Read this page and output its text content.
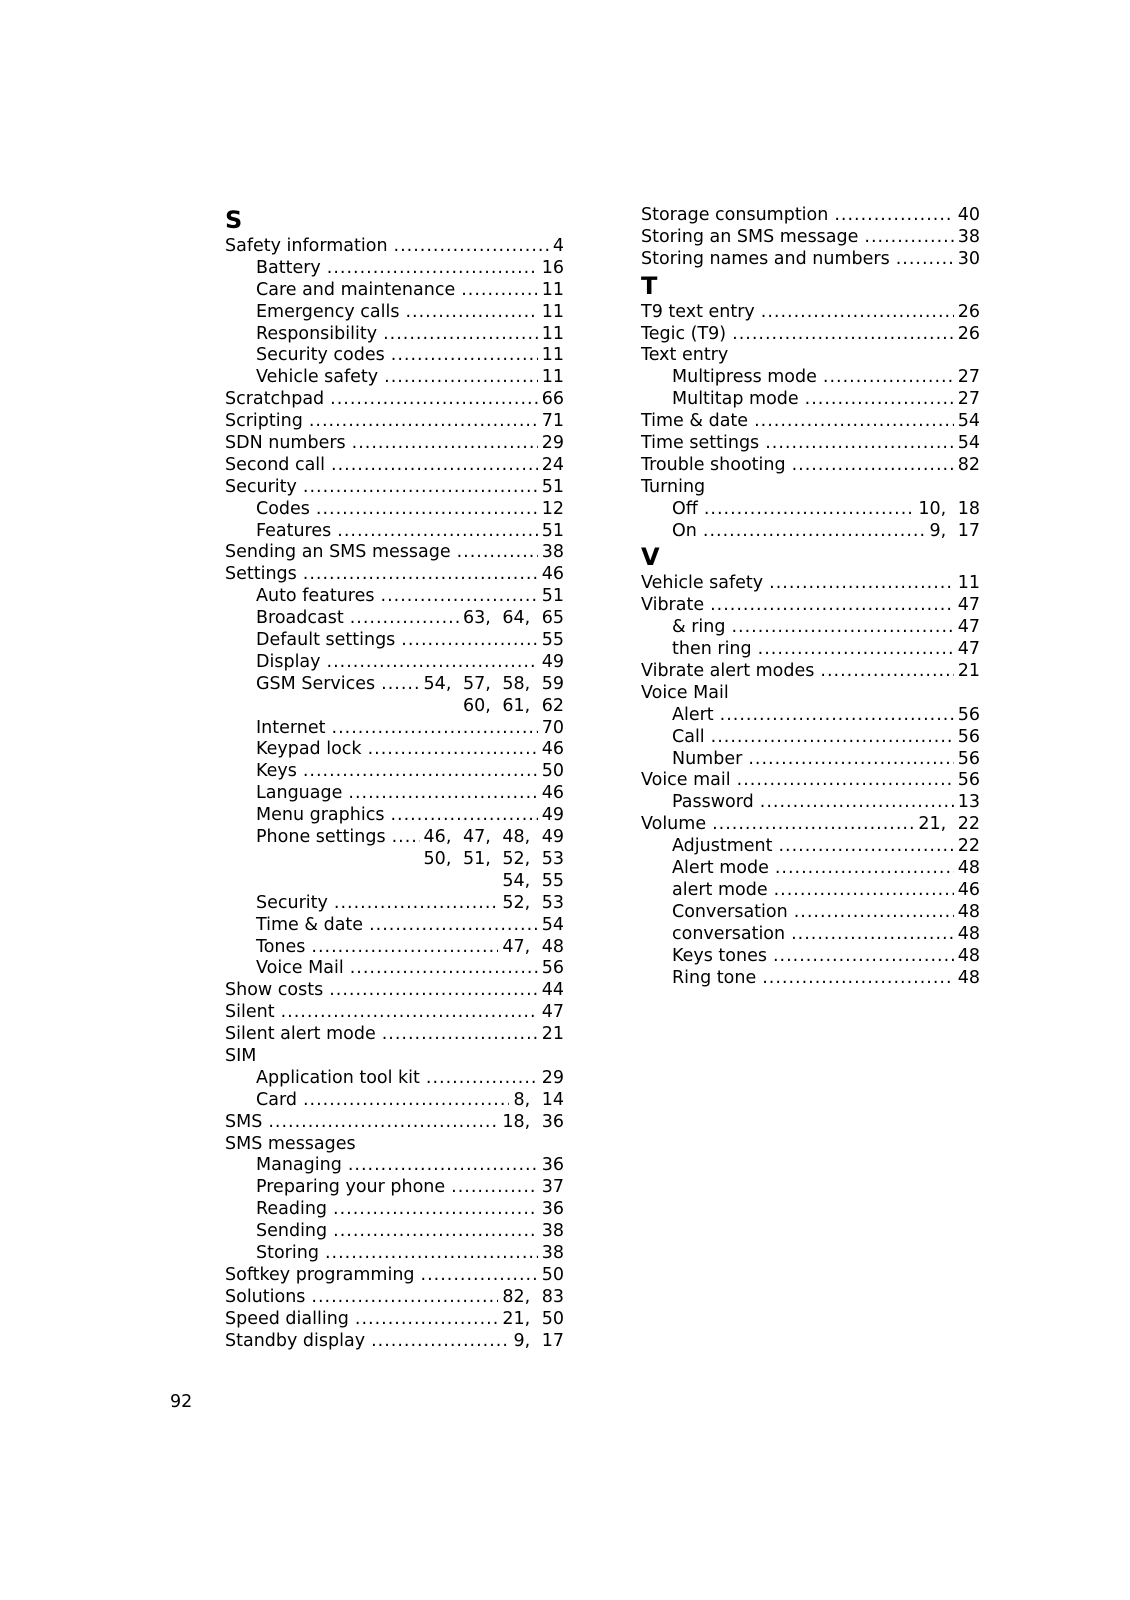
S
Safety information .....	4
Battery .....	16
Care and maintenance .....	11
Emergency calls .....	11
Responsibility .....	11
Security codes .....	11
Vehicle safety .....	11
Scratchpad .....	66
Scripting .....	71
SDN numbers .....	29
Second call .....	24
Security .....	51
Codes .....	12
Features .....	51
Sending an SMS message .....	38
Settings .....	46
Auto features .....	51
Broadcast .....	63, 64, 65
Default settings .....	55
Display .....	49
GSM Services .....	54, 57, 58, 59
60, 61, 62
Internet .....	70
Keypad lock .....	46
Keys .....	50
Language .....	46
Menu graphics .....	49
Phone settings ..... 46, 47, 48, 49
50, 51, 52, 53
54, 55
Security .....	52, 53
Time & date .....	54
Tones .....	47, 48
Voice Mail .....	56
Show costs .....	44
Silent .....	47
Silent alert mode .....	21
SIM
Application tool kit .....	29
Card .....	8, 14
SMS .....	18, 36
SMS messages
Managing .....	36
Preparing your phone .....	37
Reading .....	36
Sending .....	38
Storing .....	38
Softkey programming .....	50
Solutions .....	82, 83
Speed dialling .....	21, 50
Standby display .....	9, 17
Storage consumption .....	40
Storing an SMS message .....	38
Storing names and numbers .....	30
T
T9 text entry .....	26
Tegic (T9) .....	26
Text entry
Multipress mode .....	27
Multitap mode .....	27
Time & date .....	54
Time settings .....	54
Trouble shooting .....	82
Turning
Off .....	10, 18
On .....	9, 17
V
Vehicle safety .....	11
Vibrate .....	47
& ring .....	47
then ring .....	47
Vibrate alert modes .....	21
Voice Mail
Alert .....	56
Call .....	56
Number .....	56
Voice mail .....	56
Password .....	13
Volume .....	21, 22
Adjustment .....	22
Alert mode .....	48
alert mode .....	46
Conversation .....	48
conversation .....	48
Keys tones .....	48
Ring tone .....	48
92
